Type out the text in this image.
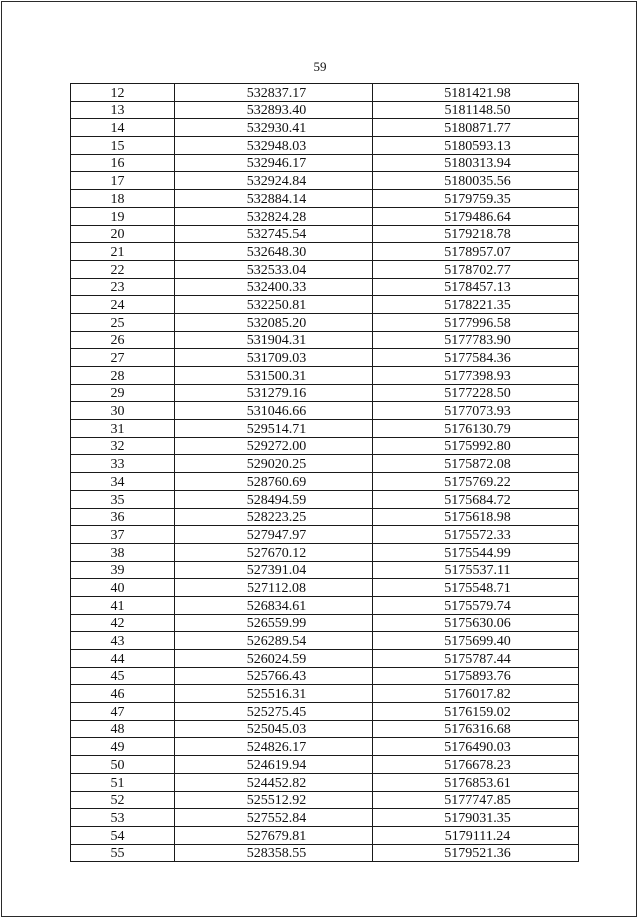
59
12	532837.17	5181421.98
13	532893.40	5181148.50
14	532930.41	5180871.77
15	532948.03	5180593.13
16	532946.17	5180313.94
17	532924.84	5180035.56
18	532884.14	5179759.35
19	532824.28	5179486.64
20	532745.54	5179218.78
21	532648.30	5178957.07
22	532533.04	5178702.77
23	532400.33	5178457.13
24	532250.81	5178221.35
25	532085.20	5177996.58
26	531904.31	5177783.90
27	531709.03	5177584.36
28	531500.31	5177398.93
29	531279.16	5177228.50
30	531046.66	5177073.93
31	529514.71	5176130.79
32	529272.00	5175992.80
33	529020.25	5175872.08
34	528760.69	5175769.22
35	528494.59	5175684.72
36	528223.25	5175618.98
37	527947.97	5175572.33
38	527670.12	5175544.99
39	527391.04	5175537.11
40	527112.08	5175548.71
41	526834.61	5175579.74
42	526559.99	5175630.06
43	526289.54	5175699.40
44	526024.59	5175787.44
45	525766.43	5175893.76
46	525516.31	5176017.82
47	525275.45	5176159.02
48	525045.03	5176316.68
49	524826.17	5176490.03
50	524619.94	5176678.23
51	524452.82	5176853.61
52	525512.92	5177747.85
53	527552.84	5179031.35
54	527679.81	5179111.24
55	528358.55	5179521.36
